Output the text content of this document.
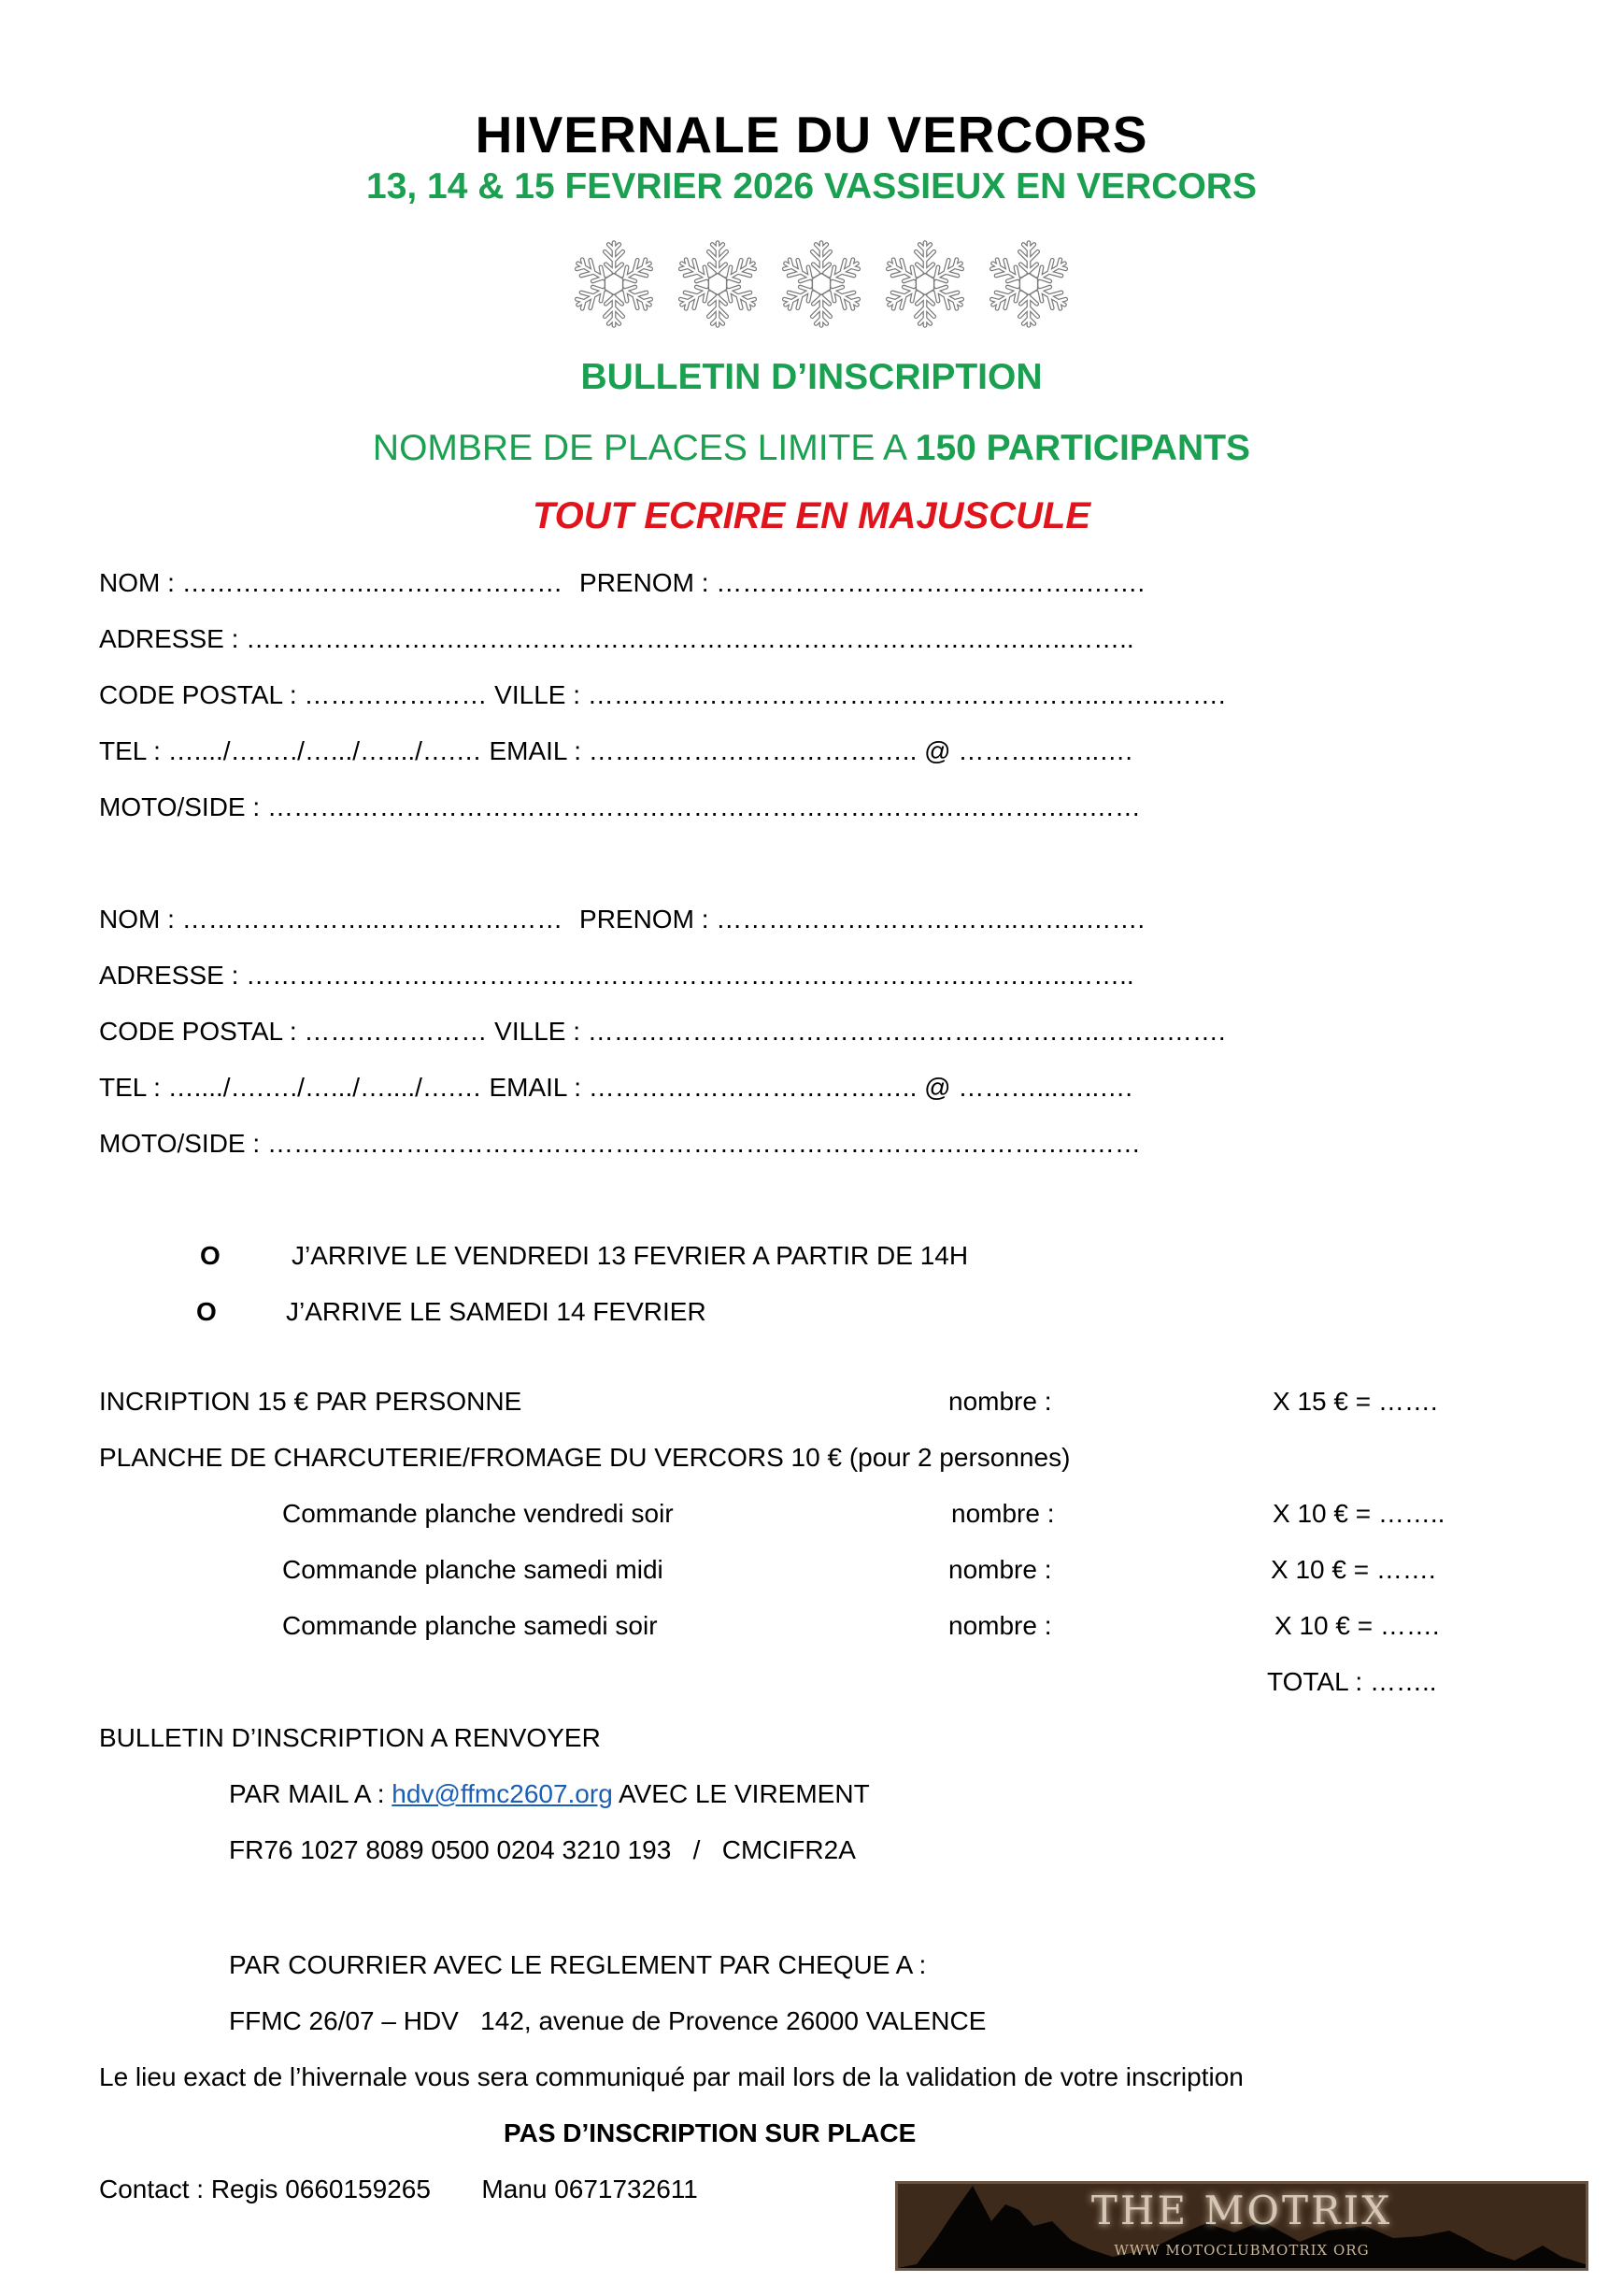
HIVERNALE DU VERCORS
13, 14 & 15 FEVRIER 2026 VASSIEUX EN VERCORS
BULLETIN D’INSCRIPTION
NOMBRE DE PLACES LIMITE A 150 PARTICIPANTS
TOUT ECRIRE EN MAJUSCULE
NOM : …………………..………………… PRENOM : ……………………………..……..…….
ADRESSE : …………………….………………………………………………….…….…..……..
CODE POSTAL : ………………… VILLE : …………………………………………………..……..…….
TEL : …..../….…./….../…..../….… EMAIL : ……………………………….. @ ………...…..….
MOTO/SIDE : ……….…………………………………………………………….……….…..……
NOM : …………………..………………… PRENOM : ……………………………..……..…….
ADRESSE : …………………….………………………………………………….…….…..……..
CODE POSTAL : ………………… VILLE : …………………………………………………..……..…….
TEL : …..../….…./….../…..../….… EMAIL : ……………………………….. @ ………...…..….
MOTO/SIDE : ……….…………………………………………………………….……….…..……
O	J’ARRIVE LE VENDREDI 13 FEVRIER A PARTIR DE 14H
O	J’ARRIVE LE SAMEDI 14 FEVRIER
INCRIPTION 15 € PAR PERSONNE	nombre :	X 15 € = …….
PLANCHE DE CHARCUTERIE/FROMAGE DU VERCORS 10 € (pour 2 personnes)
Commande planche vendredi soir	nombre :	X 10 € = ……..
Commande planche samedi midi	nombre :	X 10 € = …….
Commande planche samedi soir	nombre :	X 10 € = …….
TOTAL : ……..
BULLETIN D’INSCRIPTION A RENVOYER
PAR MAIL A : hdv@ffmc2607.org AVEC LE VIREMENT
FR76 1027 8089 0500 0204 3210 193   /   CMCIFR2A
PAR COURRIER AVEC LE REGLEMENT PAR CHEQUE A :
FFMC 26/07 – HDV   142, avenue de Provence 26000 VALENCE
Le lieu exact de l’hivernale vous sera communiqué par mail lors de la validation de votre inscription
PAS D’INSCRIPTION SUR PLACE
Contact : Regis 0660159265       Manu 0671732611	THE MOTRIX
WWW MOTOCLUBMOTRIX ORG
